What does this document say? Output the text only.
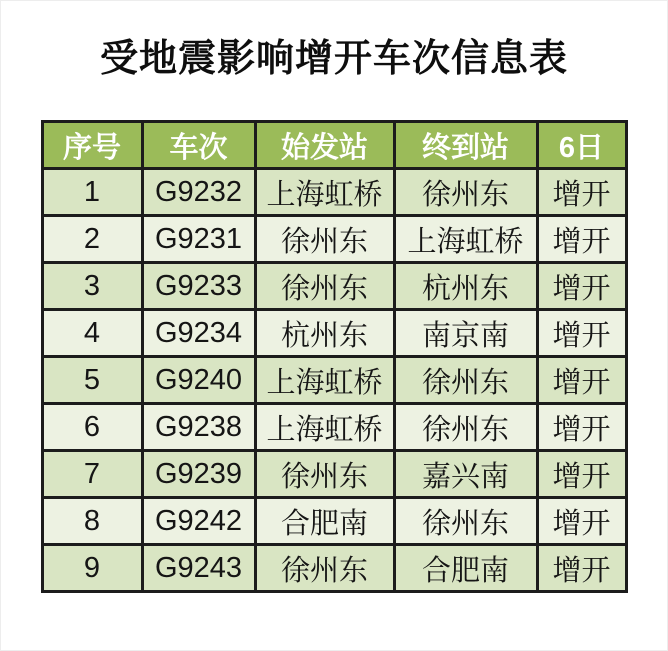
受地震影响增开车次信息表
序号	车次	始发站	终到站	6日
1	G9232	上海虹桥	徐州东	增开
2	G9231	徐州东	上海虹桥	增开
3	G9233	徐州东	杭州东	增开
4	G9234	杭州东	南京南	增开
5	G9240	上海虹桥	徐州东	增开
6	G9238	上海虹桥	徐州东	增开
7	G9239	徐州东	嘉兴南	增开
8	G9242	合肥南	徐州东	增开
9	G9243	徐州东	合肥南	增开
